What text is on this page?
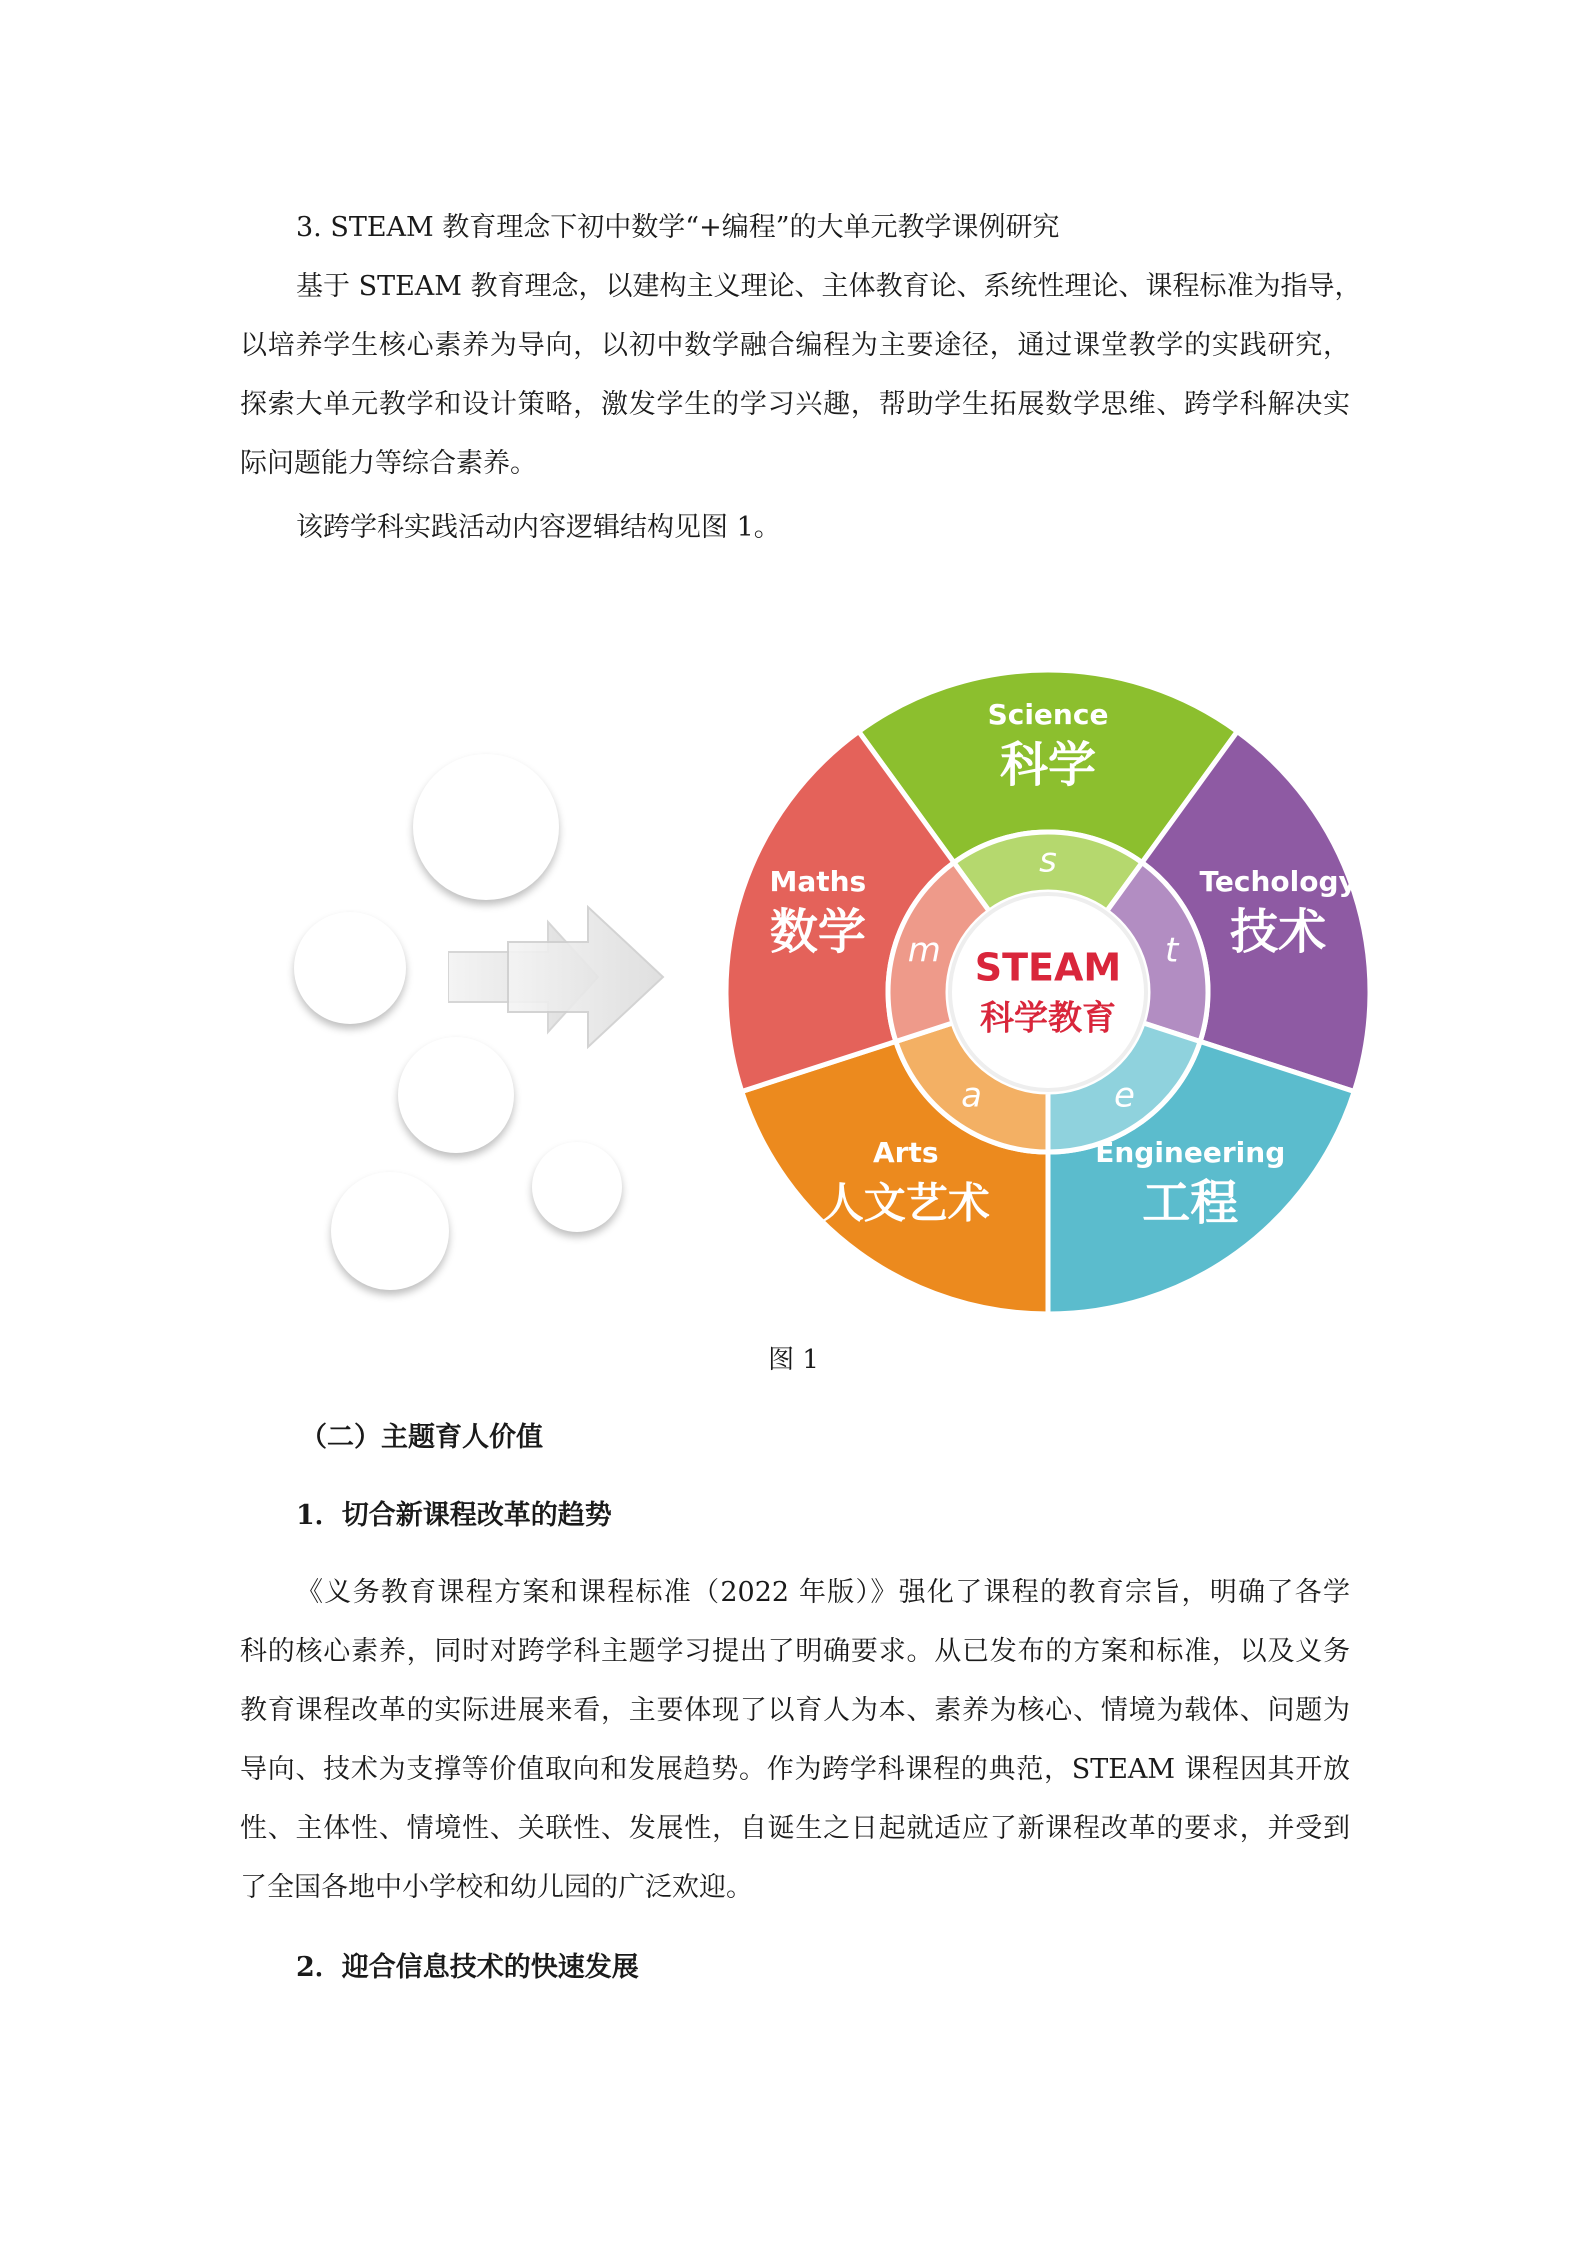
3. STEAM 教育理念下初中数学“+编程”的大单元教学课例研究
基于 STEAM 教育理念，以建构主义理论、主体教育论、系统性理论、课程标准为指导，
以培养学生核心素养为导向，以初中数学融合编程为主要途径，通过课堂教学的实践研究，
探索大单元教学和设计策略，激发学生的学习兴趣，帮助学生拓展数学思维、跨学科解决实
际问题能力等综合素养。
该跨学科实践活动内容逻辑结构见图 1。
注重与
现实世界
的联系
注重
解决问题
的过程
培养
系统逻辑
思维的
能力
跨学科
培养
解决实际
问题的
能力
Science
科学
s
Techology
技术
t
Engineering
工程
e
Arts
人文艺术
a
Maths
数学 m STEAM
科学教育
图 1
（二）主题育人价值
1．切合新课程改革的趋势
《义务教育课程方案和课程标准（2022 年版）》强化了课程的教育宗旨，明确了各学
科的核心素养，同时对跨学科主题学习提出了明确要求。从已发布的方案和标准，以及义务
教育课程改革的实际进展来看，主要体现了以育人为本、素养为核心、情境为载体、问题为
导向、技术为支撑等价值取向和发展趋势。作为跨学科课程的典范，STEAM 课程因其开放
性、主体性、情境性、关联性、发展性，自诞生之日起就适应了新课程改革的要求，并受到
了全国各地中小学校和幼儿园的广泛欢迎。
2．迎合信息技术的快速发展
